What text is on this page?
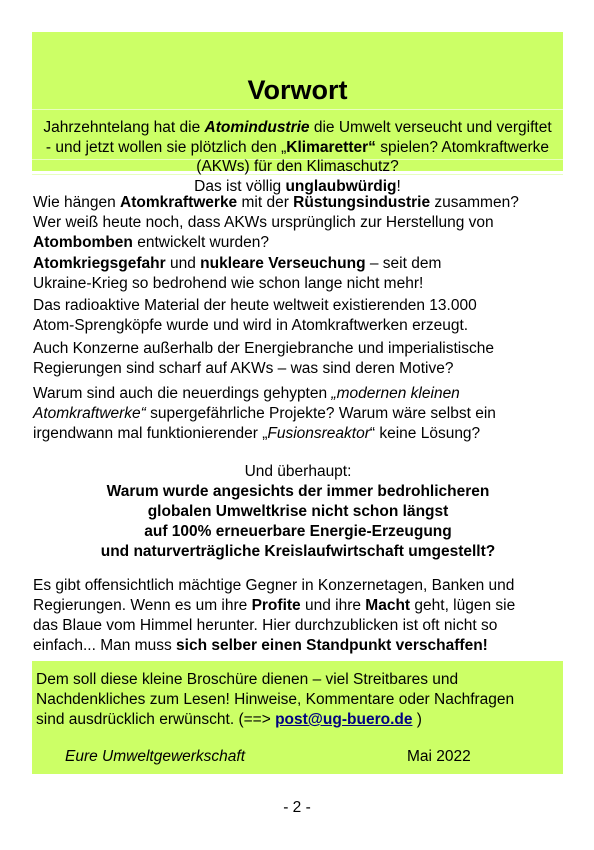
Vorwort
Jahrzehntelang hat die Atomindustrie die Umwelt verseucht und vergiftet - und jetzt wollen sie plötzlich den „Klimaretter“ spielen? Atomkraftwerke (AKWs) für den Klimaschutz?
Das ist völlig unglaubwürdig!
Wie hängen Atomkraftwerke mit der Rüstungsindustrie zusammen?
Wer weiß heute noch, dass AKWs ursprünglich zur Herstellung von
Atombomben entwickelt wurden?
Atomkriegsgefahr und nukleare Verseuchung – seit dem
Ukraine-Krieg so bedrohend wie schon lange nicht mehr!
Das radioaktive Material der heute weltweit existierenden 13.000
Atom-Sprengköpfe wurde und wird in Atomkraftwerken erzeugt.
Auch Konzerne außerhalb der Energiebranche und imperialistische
Regierungen sind scharf auf AKWs – was sind deren Motive?
Warum sind auch die neuerdings gehypten „modernen kleinen
Atomkraftwerke“ supergefährliche Projekte? Warum wäre selbst ein
irgendwann mal funktionierender „Fusionsreaktor“ keine Lösung?
Und überhaupt:
Warum wurde angesichts der immer bedrohlicheren
globalen Umweltkrise nicht schon längst
auf 100% erneuerbare Energie-Erzeugung
und naturverträgliche Kreislaufwirtschaft umgestellt?
Es gibt offensichtlich mächtige Gegner in Konzernetagen, Banken und
Regierungen. Wenn es um ihre Profite und ihre Macht geht, lügen sie
das Blaue vom Himmel herunter. Hier durchzublicken ist oft nicht so
einfach... Man muss sich selber einen Standpunkt verschaffen!
Dem soll diese kleine Broschüre dienen – viel Streitbares und
Nachdenkliches zum Lesen! Hinweise, Kommentare oder Nachfragen
sind ausdrücklich erwünscht. (==> post@ug-buero.de )
Eure Umweltgewerkschaft	Mai 2022
- 2 -
